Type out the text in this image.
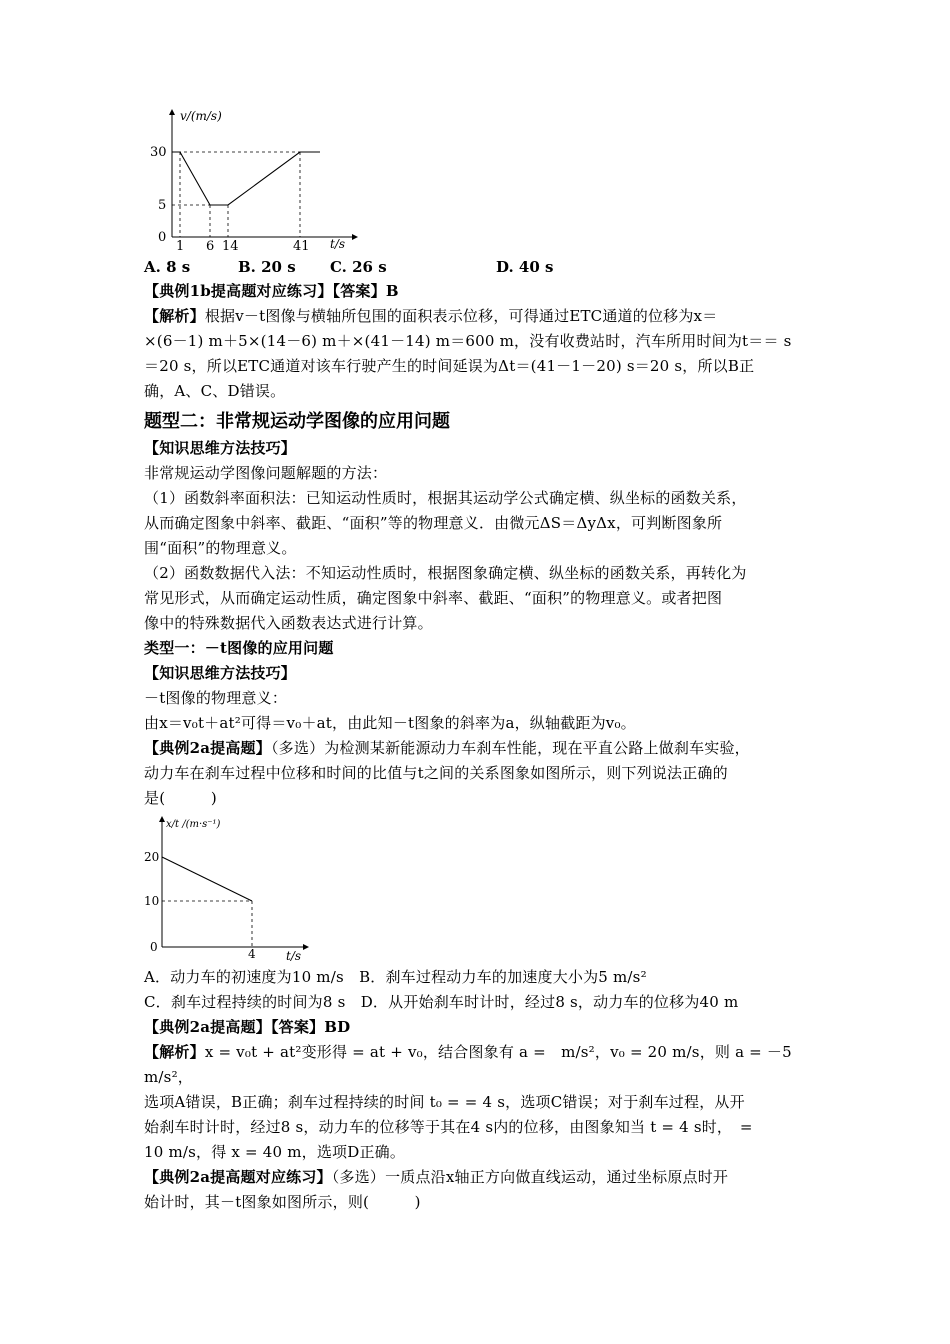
v/(m/s)
30
5
0
1 6 14	41 t/s
A. 8 s	B. 20 s	C. 26 s	D. 40 s

【典例1b提高题对应练习】【答案】B

【解析】根据v－t图像与横轴所包围的面积表示位移，可得通过ETC通道的位移为x＝

×(6－1) m＋5×(14－6) m＋×(41－14) m＝600 m，没有收费站时，汽车所用时间为t＝＝ s

＝20 s，所以ETC通道对该车行驶产生的时间延误为Δt＝(41－1－20) s＝20 s，所以B正

确，A、C、D错误。

题型二：非常规运动学图像的应用问题

【知识思维方法技巧】

非常规运动学图像问题解题的方法：

（1）函数斜率面积法：已知运动性质时，根据其运动学公式确定横、纵坐标的函数关系，

从而确定图象中斜率、截距、“面积”等的物理意义．由微元ΔS＝ΔyΔx，可判断图象所

围“面积”的物理意义。

（2）函数数据代入法：不知运动性质时，根据图象确定横、纵坐标的函数关系，再转化为

常见形式，从而确定运动性质，确定图象中斜率、截距、“面积”的物理意义。或者把图

像中的特殊数据代入函数表达式进行计算。

类型一：－t图像的应用问题

【知识思维方法技巧】

－t图像的物理意义：

由x＝v₀t＋at²可得＝v₀＋at，由此知－t图象的斜率为a，纵轴截距为v₀。

【典例2a提高题】（多选）为检测某新能源动力车刹车性能，现在平直公路上做刹车实验，

动力车在刹车过程中位移和时间的比值与t之间的关系图象如图所示，则下列说法正确的

是(　　　)

x/t /(m·s⁻¹)
20
10
0	4	t/s

A．动力车的初速度为10 m/s　B．刹车过程动力车的加速度大小为5 m/s²

C．刹车过程持续的时间为8 s　D．从开始刹车时计时，经过8 s，动力车的位移为40 m

【典例2a提高题】【答案】BD

【解析】x = v₀t + at²变形得 = at + v₀，结合图象有 a =　m/s²，v₀ = 20 m/s，则 a = －5 m/s²，

选项A错误，B正确；刹车过程持续的时间 t₀ = = 4 s，选项C错误；对于刹车过程，从开

始刹车时计时，经过8 s，动力车的位移等于其在4 s内的位移，由图象知当 t = 4 s时，　=

10 m/s，得 x = 40 m，选项D正确。

【典例2a提高题对应练习】（多选）一质点沿x轴正方向做直线运动，通过坐标原点时开

始计时，其－t图象如图所示，则(　　　)
